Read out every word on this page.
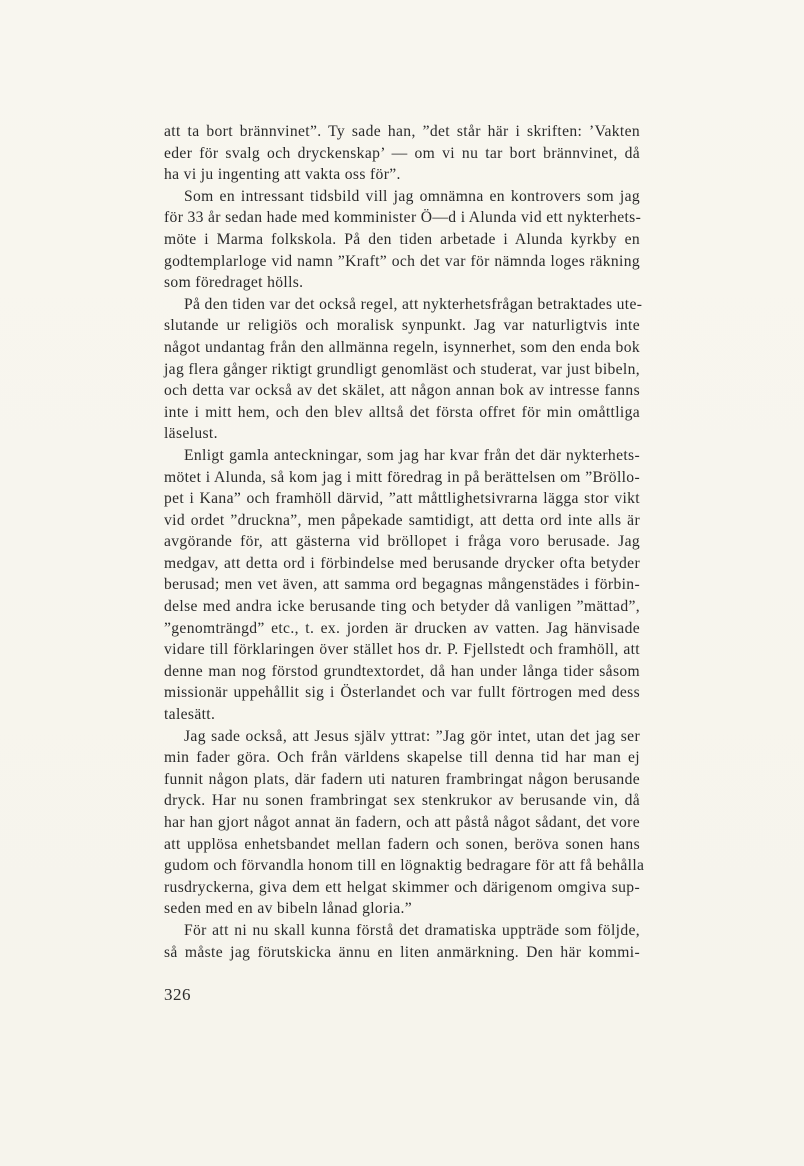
att ta bort brännvinet”. Ty sade han, ”det står här i skriften: ’Vakten
eder för svalg och dryckenskap’ — om vi nu tar bort brännvinet, då
ha vi ju ingenting att vakta oss för”.
Som en intressant tidsbild vill jag omnämna en kontrovers som jag
för 33 år sedan hade med komminister Ö—d i Alunda vid ett nykterhets-
möte i Marma folkskola. På den tiden arbetade i Alunda kyrkby en
godtemplarloge vid namn ”Kraft” och det var för nämnda loges räkning
som föredraget hölls.
På den tiden var det också regel, att nykterhetsfrågan betraktades ute-
slutande ur religiös och moralisk synpunkt. Jag var naturligtvis inte
något undantag från den allmänna regeln, isynnerhet, som den enda bok
jag flera gånger riktigt grundligt genomläst och studerat, var just bibeln,
och detta var också av det skälet, att någon annan bok av intresse fanns
inte i mitt hem, och den blev alltså det första offret för min omåttliga
läselust.
Enligt gamla anteckningar, som jag har kvar från det där nykterhets-
mötet i Alunda, så kom jag i mitt föredrag in på berättelsen om ”Bröllo-
pet i Kana” och framhöll därvid, ”att måttlighetsivrarna lägga stor vikt
vid ordet ”druckna”, men påpekade samtidigt, att detta ord inte alls är
avgörande för, att gästerna vid bröllopet i fråga voro berusade. Jag
medgav, att detta ord i förbindelse med berusande drycker ofta betyder
berusad; men vet även, att samma ord begagnas mångenstädes i förbin-
delse med andra icke berusande ting och betyder då vanligen ”mättad”,
”genomträngd” etc., t. ex. jorden är drucken av vatten. Jag hänvisade
vidare till förklaringen över stället hos dr. P. Fjellstedt och framhöll, att
denne man nog förstod grundtextordet, då han under långa tider såsom
missionär uppehållit sig i Österlandet och var fullt förtrogen med dess
talesätt.
Jag sade också, att Jesus själv yttrat: ”Jag gör intet, utan det jag ser
min fader göra. Och från världens skapelse till denna tid har man ej
funnit någon plats, där fadern uti naturen frambringat någon berusande
dryck. Har nu sonen frambringat sex stenkrukor av berusande vin, då
har han gjort något annat än fadern, och att påstå något sådant, det vore
att upplösa enhetsbandet mellan fadern och sonen, beröva sonen hans
gudom och förvandla honom till en lögnaktig bedragare för att få behålla
rusdryckerna, giva dem ett helgat skimmer och därigenom omgiva sup-
seden med en av bibeln lånad gloria.”
För att ni nu skall kunna förstå det dramatiska uppträde som följde,
så måste jag förutskicka ännu en liten anmärkning. Den här kommi-
326
